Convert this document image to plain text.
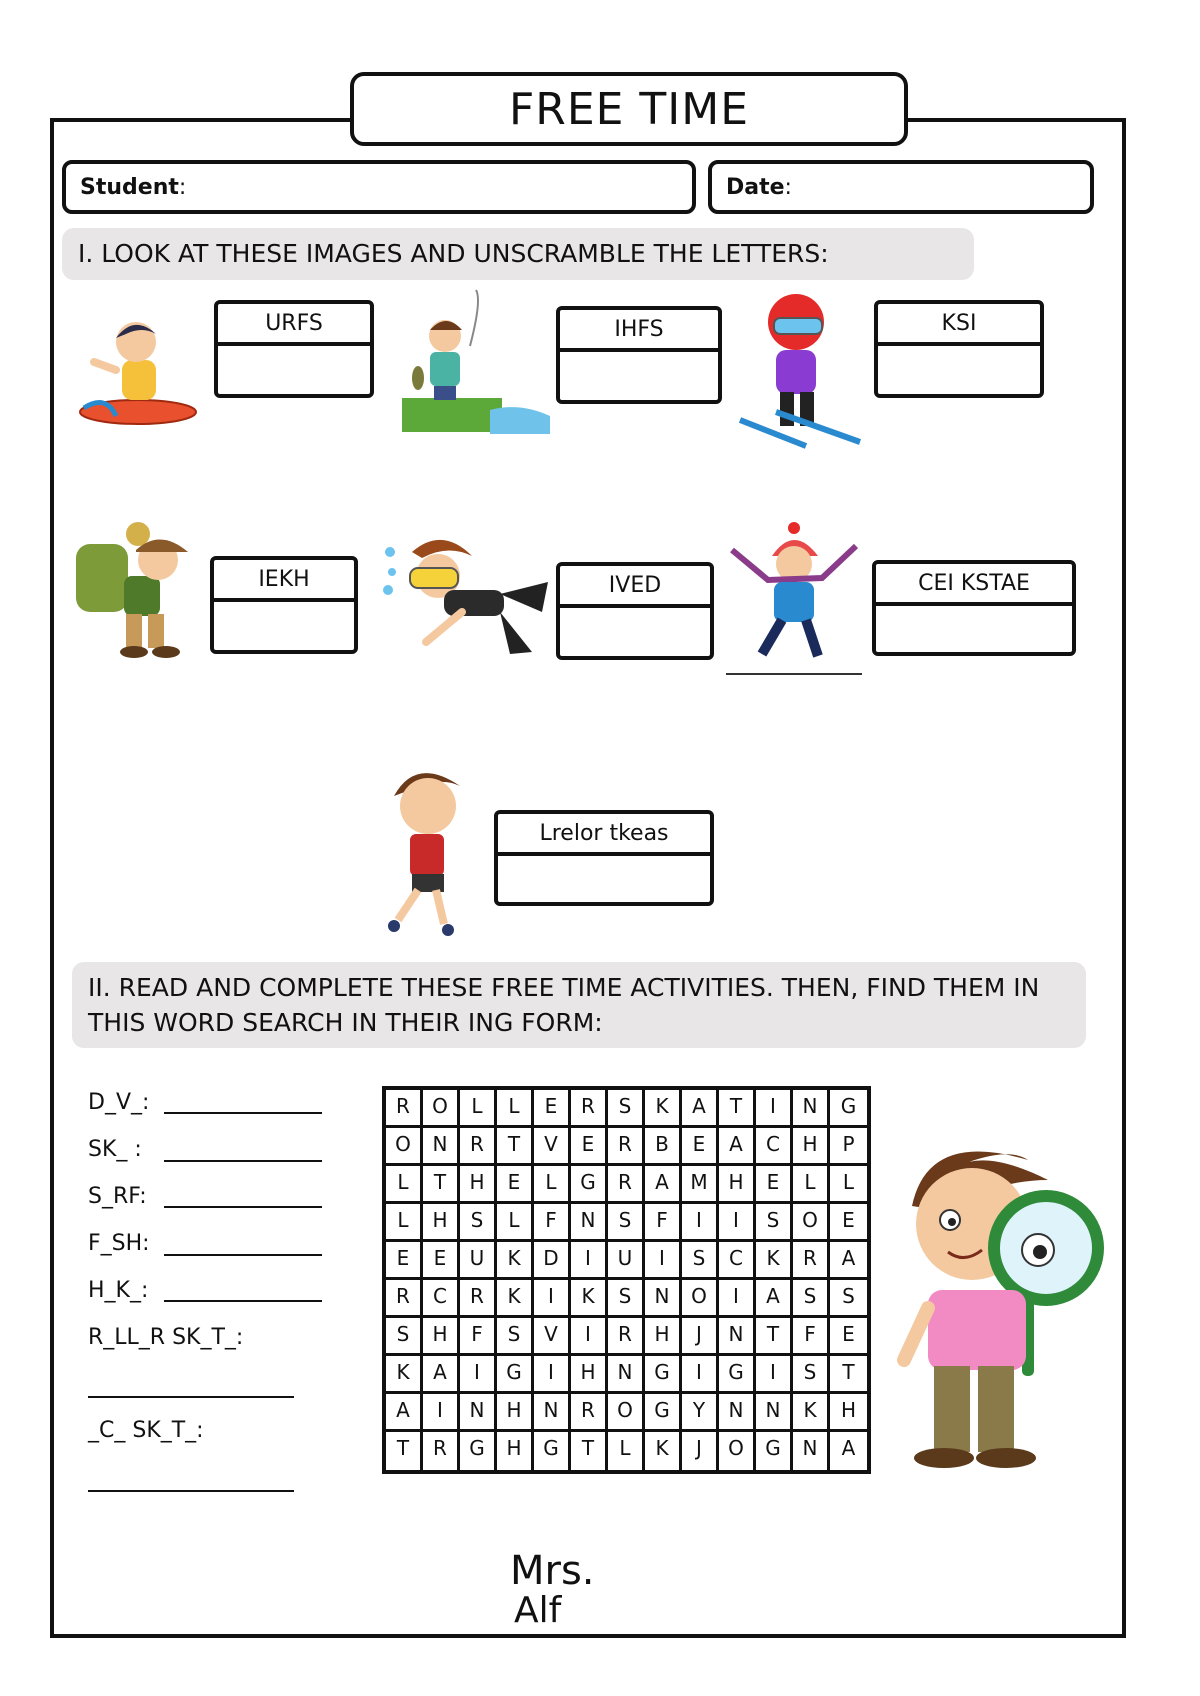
FREE TIME
Student :	Date :
I. LOOK AT THESE IMAGES AND UNSCRAMBLE THE LETTERS:
URFS	IHFS	KSI
IEKH	IVED	CEI KSTAE
Lrelor tkeas
II. READ AND COMPLETE THESE FREE TIME ACTIVITIES. THEN, FIND THEM IN THIS WORD SEARCH IN THEIR ING FORM:
D_V_:
SK_ :
S_RF:
F_SH:
H_K_:
R_LL_R SK_T_:
_C_ SK_T_:
R	O	L	L	E	R	S	K	A	T	I	N	G
O	N	R	T	V	E	R	B	E	A	C	H	P
L	T	H	E	L	G	R	A	M	H	E	L	L
L	H	S	L	F	N	S	F	I	I	S	O	E
E	E	U	K	D	I	U	I	S	C	K	R	A
R	C	R	K	I	K	S	N	O	I	A	S	S
S	H	F	S	V	I	R	H	J	N	T	F	E
K	A	I	G	I	H	N	G	I	G	I	S	T
A	I	N	H	N	R	O	G	Y	N	N	K	H
T	R	G	H	G	T	L	K	J	O	G	N	A
Mrs.
Alf
